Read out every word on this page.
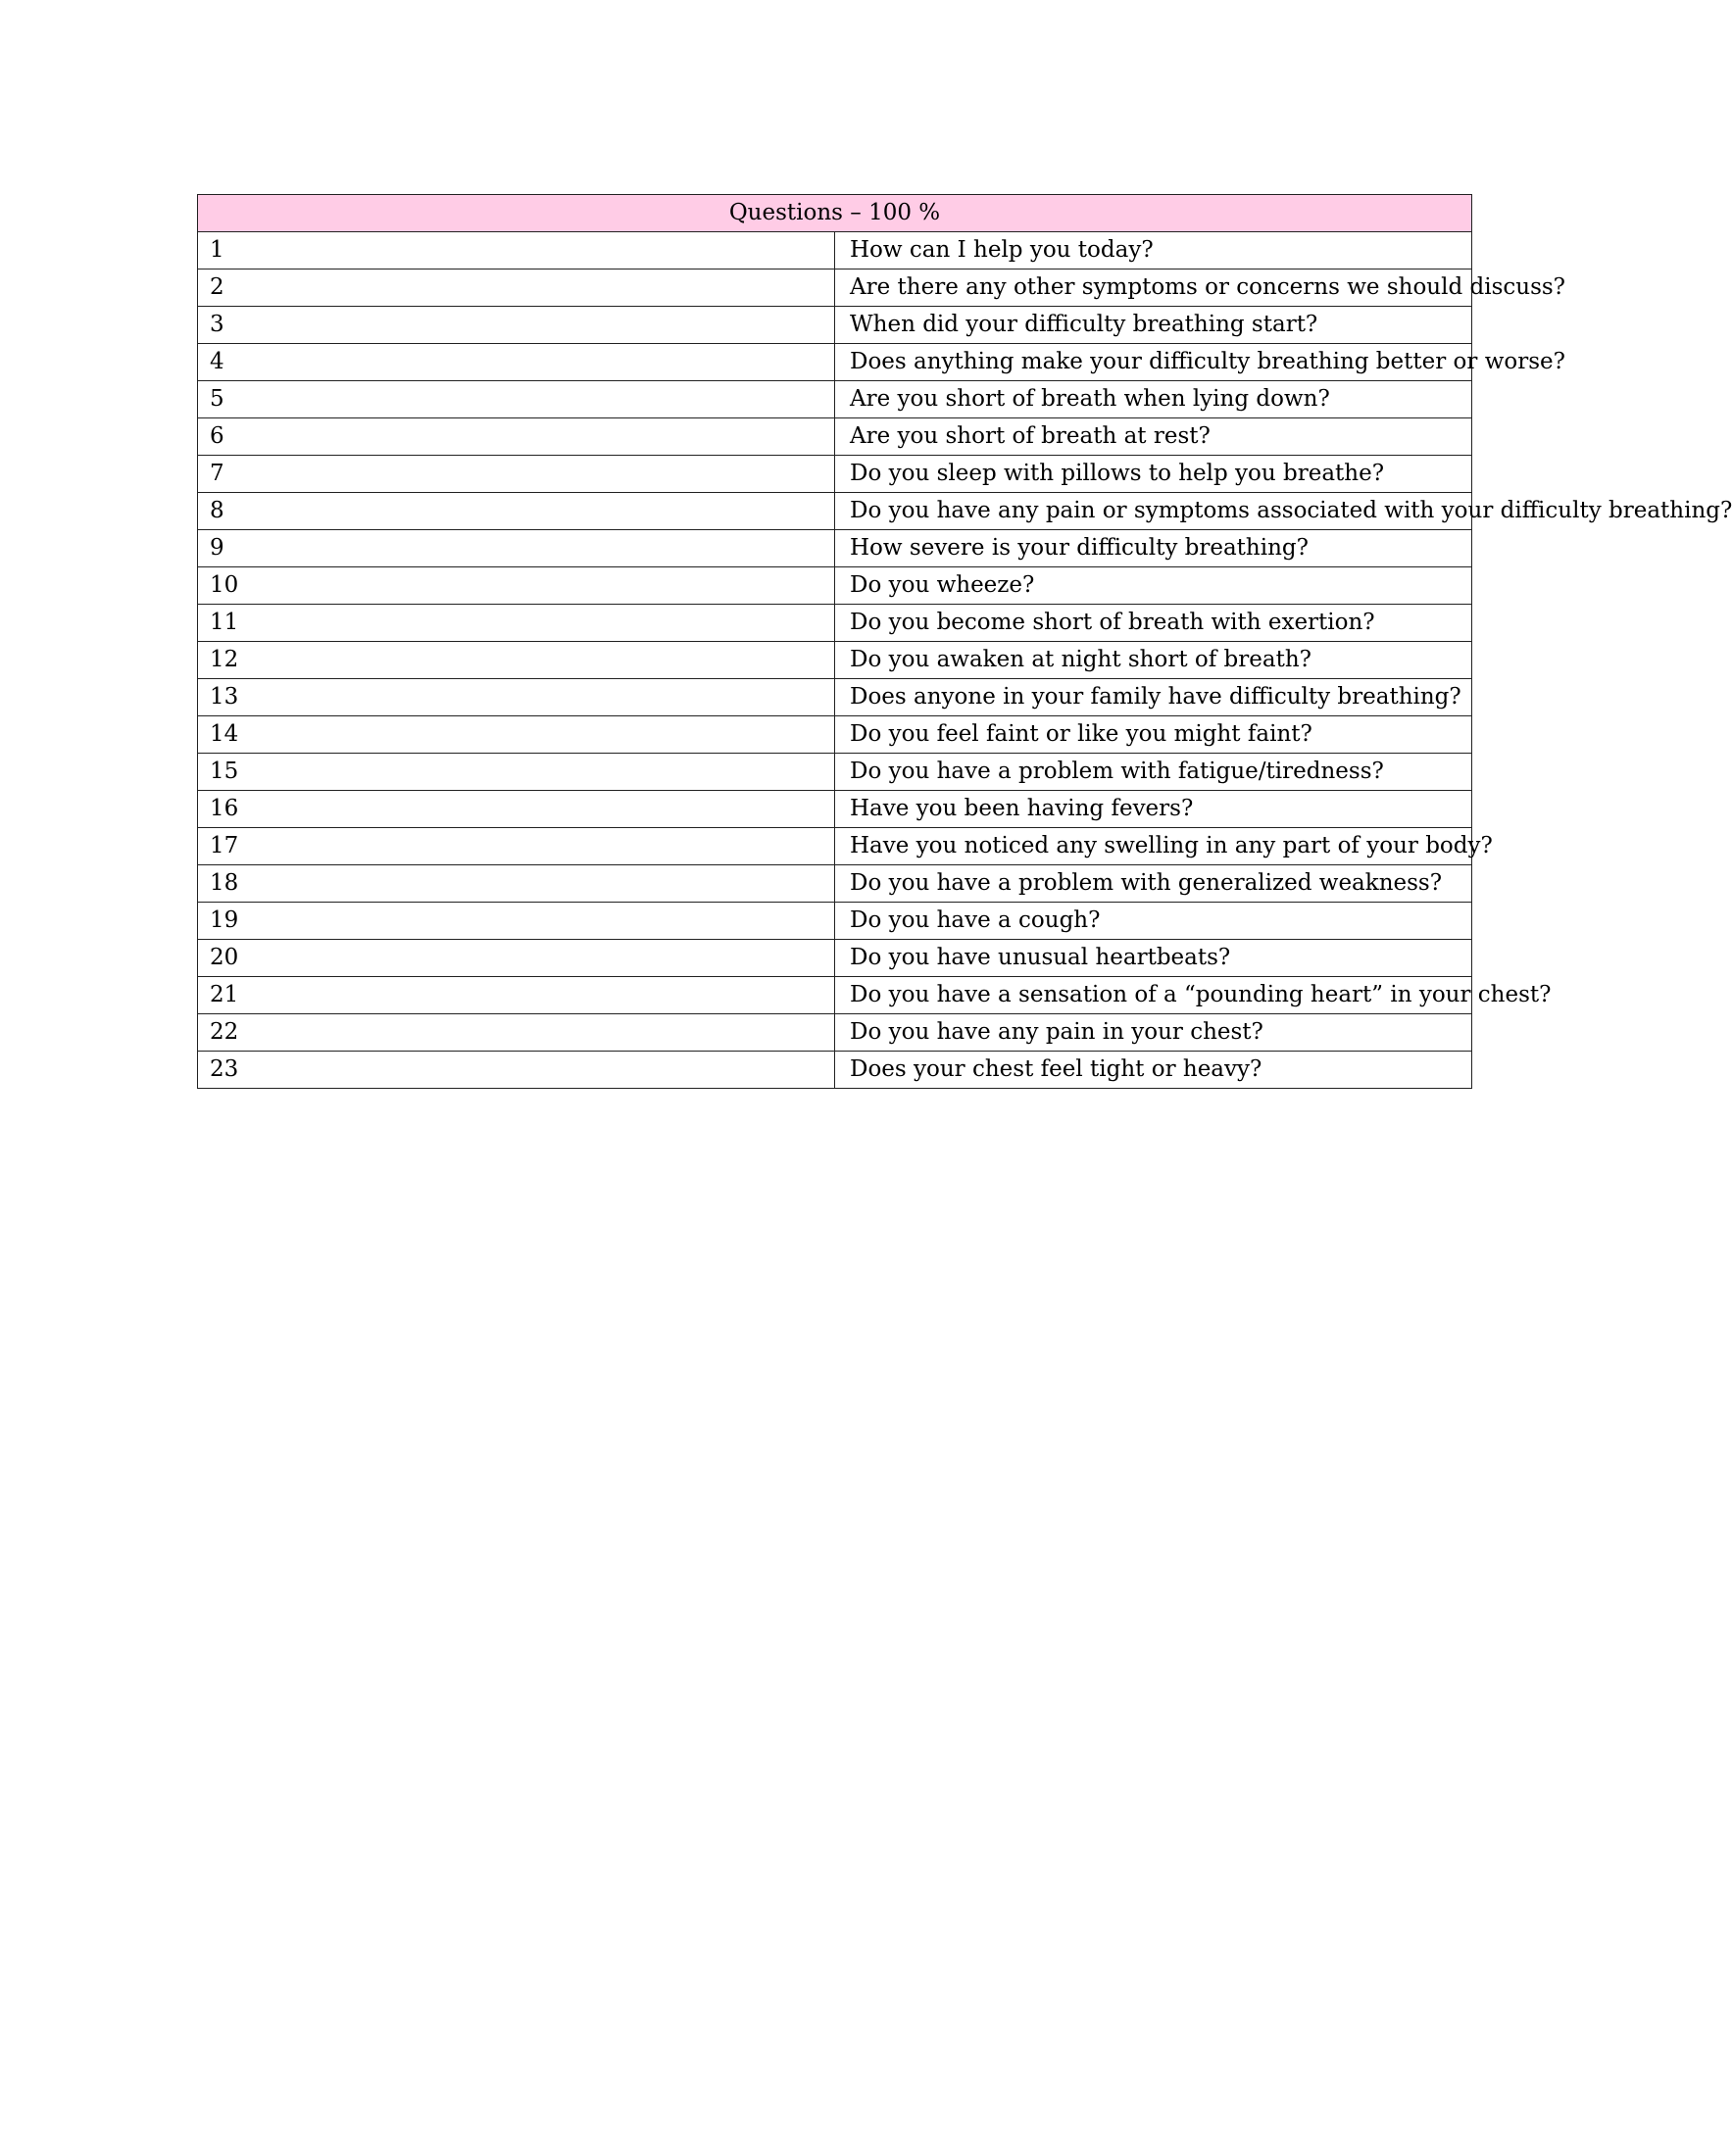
Questions – 100 %	
1	How can I help you today?
2	Are there any other symptoms or concerns we should discuss?
3	When did your difficulty breathing start?
4	Does anything make your difficulty breathing better or worse?
5	Are you short of breath when lying down?
6	Are you short of breath at rest?
7	Do you sleep with pillows to help you breathe?
8	Do you have any pain or symptoms associated with your difficulty breathing?
9	How severe is your difficulty breathing?
10	Do you wheeze?
11	Do you become short of breath with exertion?
12	Do you awaken at night short of breath?
13	Does anyone in your family have difficulty breathing?
14	Do you feel faint or like you might faint?
15	Do you have a problem with fatigue/tiredness?
16	Have you been having fevers?
17	Have you noticed any swelling in any part of your body?
18	Do you have a problem with generalized weakness?
19	Do you have a cough?
20	Do you have unusual heartbeats?
21	Do you have a sensation of a “pounding heart” in your chest?
22	Do you have any pain in your chest?
23	Does your chest feel tight or heavy?
